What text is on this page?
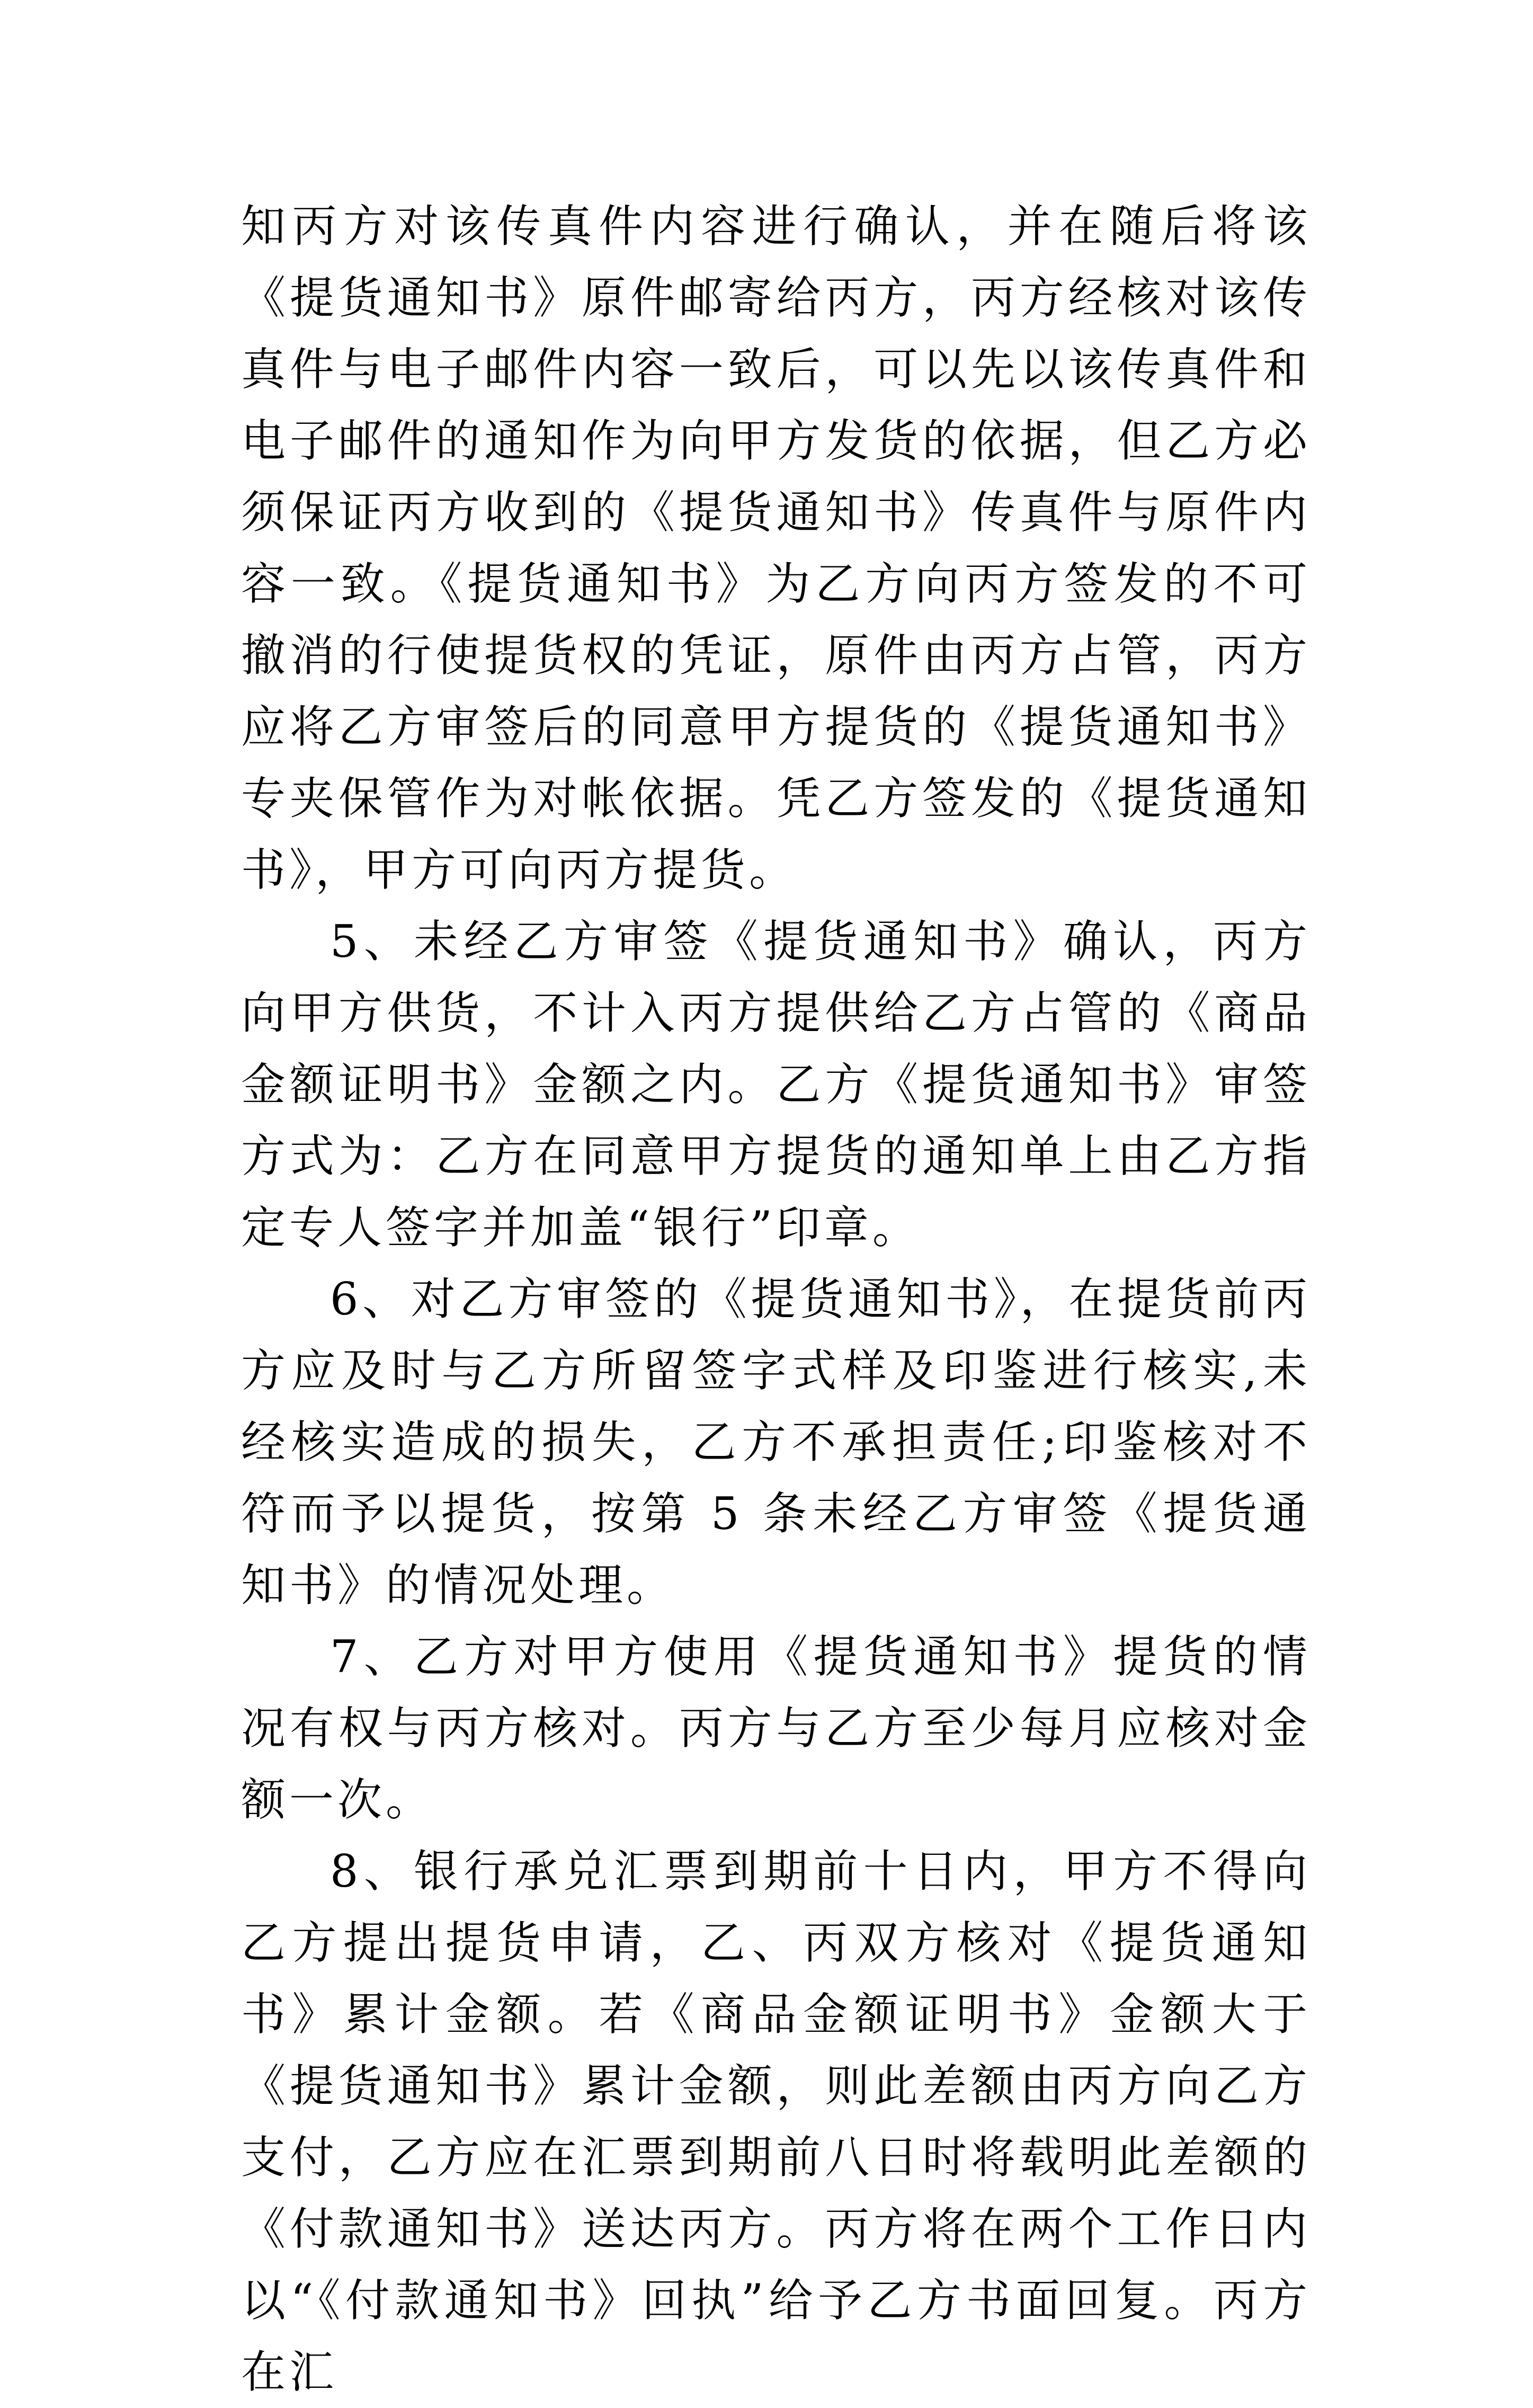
知丙方对该传真件内容进行确认，并在随后将该《提货通知书》原件邮寄给丙方，丙方经核对该传真件与电子邮件内容一致后，可以先以该传真件和电子邮件的通知作为向甲方发货的依据，但乙方必须保证丙方收到的《提货通知书》传真件与原件内容一致。《提货通知书》为乙方向丙方签发的不可撤消的行使提货权的凭证，原件由丙方占管，丙方应将乙方审签后的同意甲方提货的《提货通知书》专夹保管作为对帐依据。凭乙方签发的《提货通知书》，甲方可向丙方提货。

5、未经乙方审签《提货通知书》确认，丙方向甲方供货，不计入丙方提供给乙方占管的《商品金额证明书》金额之内。乙方《提货通知书》审签方式为：乙方在同意甲方提货的通知单上由乙方指定专人签字并加盖“银行”印章。

6、对乙方审签的《提货通知书》，在提货前丙方应及时与乙方所留签字式样及印鉴进行核实,未经核实造成的损失，乙方不承担责任;印鉴核对不符而予以提货，按第 5 条未经乙方审签《提货通知书》的情况处理。

7、乙方对甲方使用《提货通知书》提货的情况有权与丙方核对。丙方与乙方至少每月应核对金额一次。

8、银行承兑汇票到期前十日内，甲方不得向乙方提出提货申请，乙、丙双方核对《提货通知书》累计金额。若《商品金额证明书》金额大于《提货通知书》累计金额，则此差额由丙方向乙方支付，乙方应在汇票到期前八日时将载明此差额的《付款通知书》送达丙方。丙方将在两个工作日内以“《付款通知书》回执”给予乙方书面回复。丙方在汇
